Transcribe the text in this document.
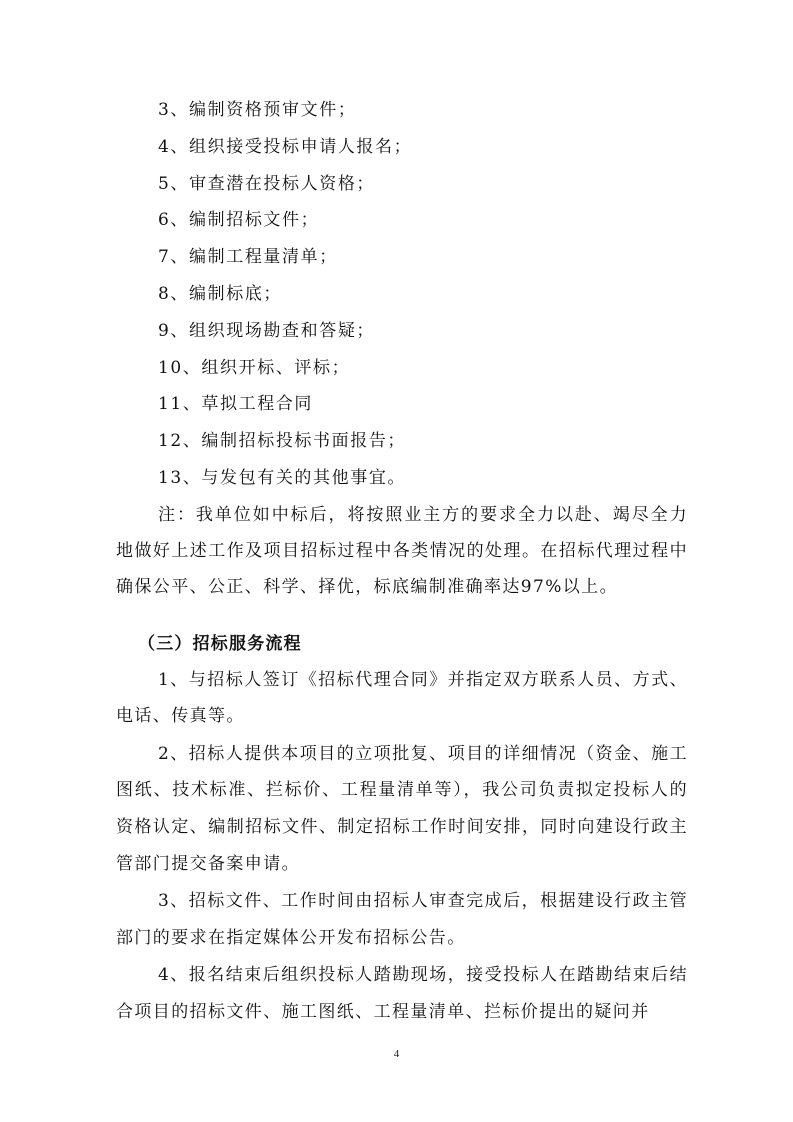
3、编制资格预审文件；
4、组织接受投标申请人报名；
5、审查潜在投标人资格；
6、编制招标文件；
7、编制工程量清单；
8、编制标底；
9、组织现场勘查和答疑；
10、组织开标、评标；
11、草拟工程合同
12、编制招标投标书面报告；
13、与发包有关的其他事宜。

注：我单位如中标后，将按照业主方的要求全力以赴、竭尽全力地做好上述工作及项目招标过程中各类情况的处理。在招标代理过程中确保公平、公正、科学、择优，标底编制准确率达97%以上。

（三）招标服务流程

1、与招标人签订《招标代理合同》并指定双方联系人员、方式、电话、传真等。

2、招标人提供本项目的立项批复、项目的详细情况（资金、施工图纸、技术标准、拦标价、工程量清单等），我公司负责拟定投标人的资格认定、编制招标文件、制定招标工作时间安排，同时向建设行政主管部门提交备案申请。

3、招标文件、工作时间由招标人审查完成后，根据建设行政主管部门的要求在指定媒体公开发布招标公告。

4、报名结束后组织投标人踏勘现场，接受投标人在踏勘结束后结合项目的招标文件、施工图纸、工程量清单、拦标价提出的疑问并

4
